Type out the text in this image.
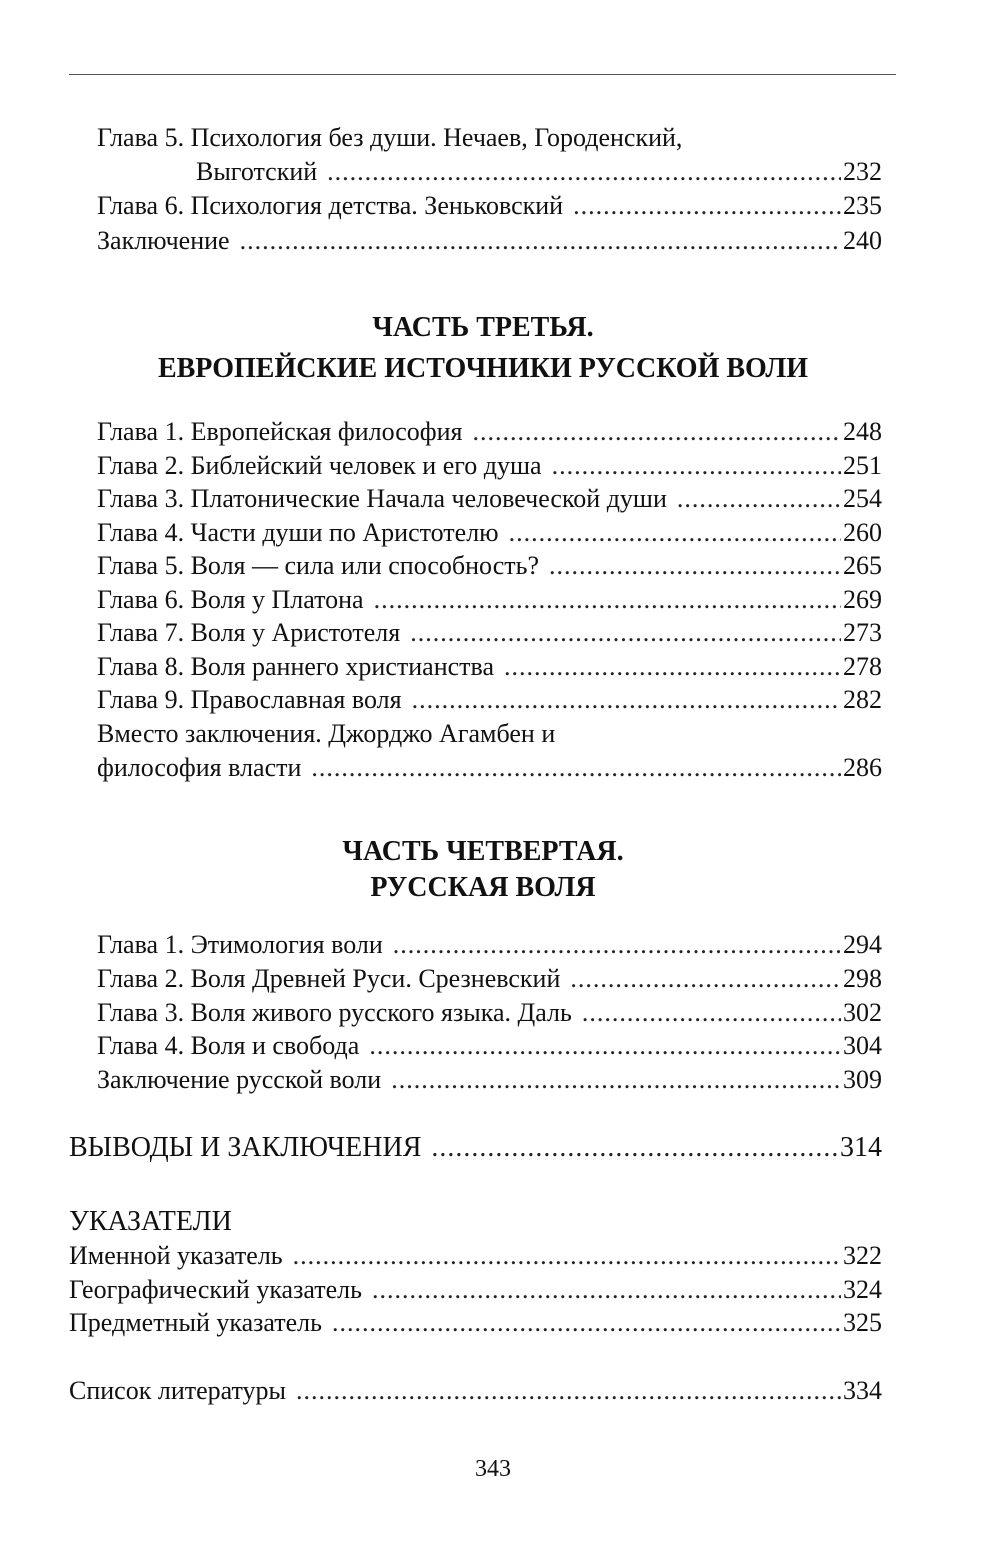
Глава 5. Психология без души. Нечаев, Городенский,
Выготский .....	232
Глава 6. Психология детства. Зеньковский .....	235
Заключение .....	240
ЧАСТЬ ТРЕТЬЯ.
ЕВРОПЕЙСКИЕ ИСТОЧНИКИ РУССКОЙ ВОЛИ
Глава 1. Европейская философия .....	248
Глава 2. Библейский человек и его душа .....	251
Глава 3. Платонические Начала человеческой души .....	254
Глава 4. Части души по Аристотелю .....	260
Глава 5. Воля — сила или способность? .....	265
Глава 6. Воля у Платона .....	269
Глава 7. Воля у Аристотеля .....	273
Глава 8. Воля раннего христианства .....	278
Глава 9. Православная воля .....	282
Вместо заключения. Джорджо Агамбен и
философия власти .....	286
ЧАСТЬ ЧЕТВЕРТАЯ.
РУССКАЯ ВОЛЯ
Глава 1. Этимология воли .....	294
Глава 2. Воля Древней Руси. Срезневский .....	298
Глава 3. Воля живого русского языка. Даль .....	302
Глава 4. Воля и свобода .....	304
Заключение русской воли .....	309
ВЫВОДЫ И ЗАКЛЮЧЕНИЯ .....	314
УКАЗАТЕЛИ
Именной указатель .....	322
Географический указатель .....	324
Предметный указатель .....	325
Список литературы .....	334
343
